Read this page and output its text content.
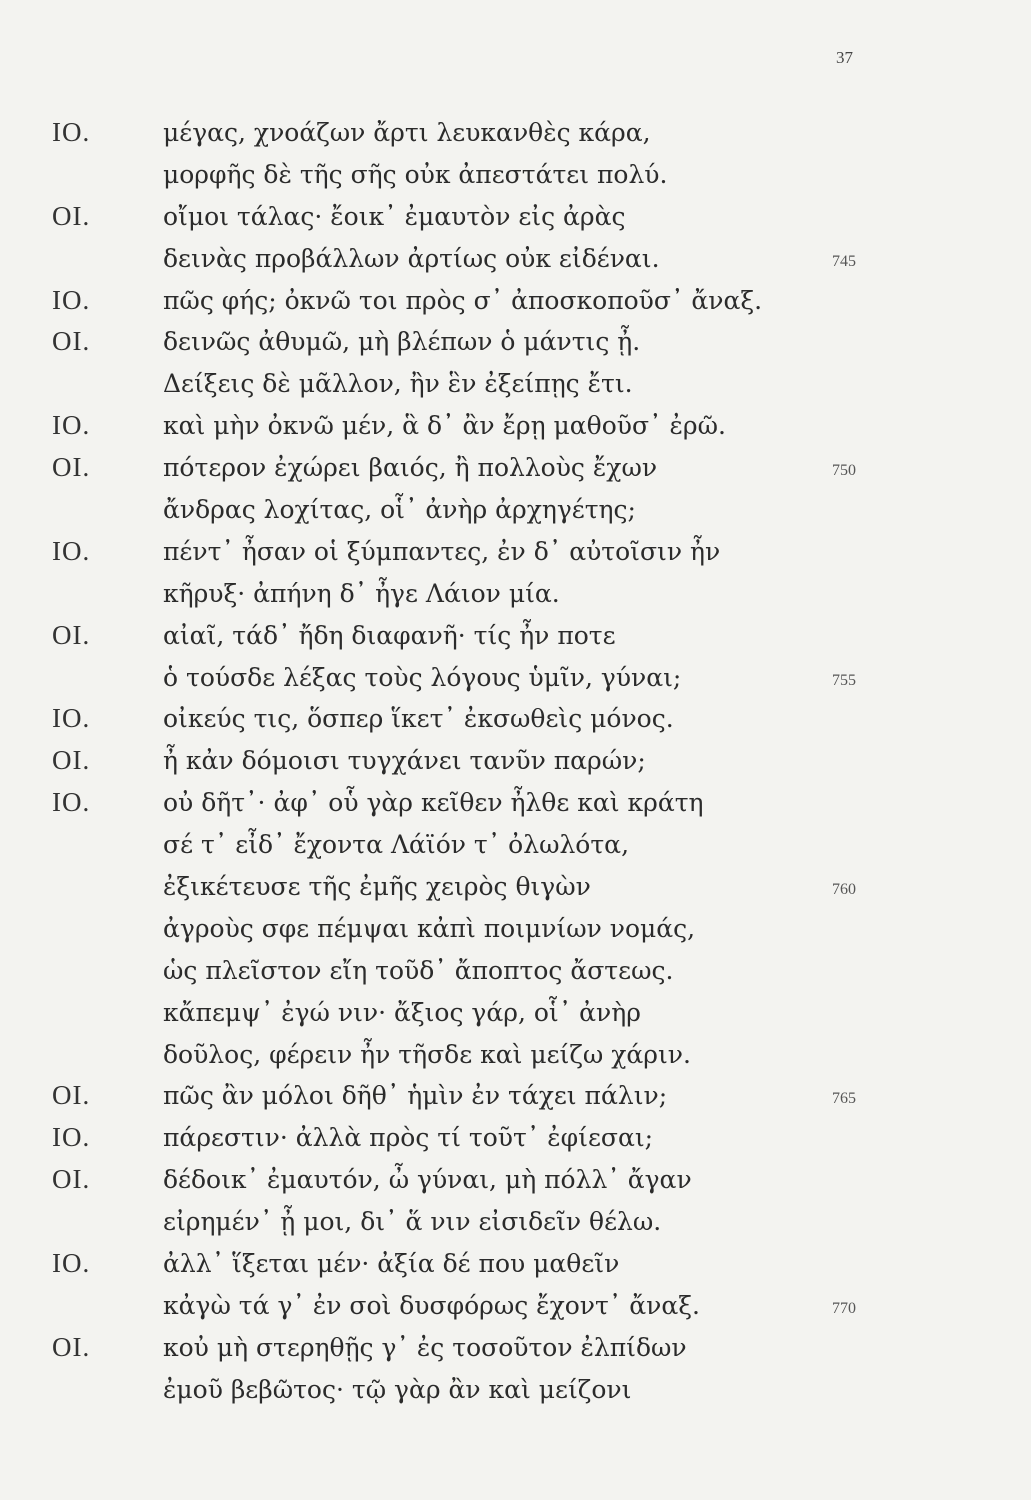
37
IO.	μέγας, χνοάζων ἄρτι λευκανθὲς κάρα,
μορφῆς δὲ τῆς σῆς οὐκ ἀπεστάτει πολύ.
OI.	οἴμοι τάλας· ἔοικ᾽ ἐμαυτὸν εἰς ἀρὰς
δεινὰς προβάλλων ἀρτίως οὐκ εἰδέναι.	745
IO.	πῶς φής; ὀκνῶ τοι πρὸς σ᾽ ἀποσκοποῦσ᾽ ἄναξ.
OI.	δεινῶς ἀθυμῶ, μὴ βλέπων ὁ μάντις ᾖ.
Δείξεις δὲ μᾶλλον, ἢν ἓν ἐξείπῃς ἔτι.
IO.	καὶ μὴν ὀκνῶ μέν, ἃ δ᾽ ἂν ἔρῃ μαθοῦσ᾽ ἐρῶ.
OI.	πότερον ἐχώρει βαιός, ἢ πολλοὺς ἔχων	750
ἄνδρας λοχίτας, οἷ᾽ ἀνὴρ ἀρχηγέτης;
IO.	πέντ᾽ ἦσαν οἱ ξύμπαντες, ἐν δ᾽ αὐτοῖσιν ἦν
κῆρυξ· ἀπήνη δ᾽ ἦγε Λάιον μία.
OI.	αἰαῖ, τάδ᾽ ἤδη διαφανῆ· τίς ἦν ποτε
ὁ τούσδε λέξας τοὺς λόγους ὑμῖν, γύναι;	755
IO.	οἰκεύς τις, ὅσπερ ἵκετ᾽ ἐκσωθεὶς μόνος.
OI.	ἦ κἀν δόμοισι τυγχάνει τανῦν παρών;
IO.	οὐ δῆτ᾽· ἀφ᾽ οὗ γὰρ κεῖθεν ἦλθε καὶ κράτη
σέ τ᾽ εἶδ᾽ ἔχοντα Λάϊόν τ᾽ ὀλωλότα,
ἐξικέτευσε τῆς ἐμῆς χειρὸς θιγὼν	760
ἀγροὺς σφε πέμψαι κἀπὶ ποιμνίων νομάς,
ὡς πλεῖστον εἴη τοῦδ᾽ ἄποπτος ἄστεως.
κἄπεμψ᾽ ἐγώ νιν· ἄξιος γάρ, οἷ᾽ ἀνὴρ
δοῦλος, φέρειν ἦν τῆσδε καὶ μείζω χάριν.
OI.	πῶς ἂν μόλοι δῆθ᾽ ἡμὶν ἐν τάχει πάλιν;	765
IO.	πάρεστιν· ἀλλὰ πρὸς τί τοῦτ᾽ ἐφίεσαι;
OI.	δέδοικ᾽ ἐμαυτόν, ὦ γύναι, μὴ πόλλ᾽ ἄγαν
εἰρημέν᾽ ᾖ μοι, δι᾽ ἅ νιν εἰσιδεῖν θέλω.
IO.	ἀλλ᾽ ἵξεται μέν· ἀξία δέ που μαθεῖν
κἀγὼ τά γ᾽ ἐν σοὶ δυσφόρως ἔχοντ᾽ ἄναξ.	770
OI.	κοὐ μὴ στερηθῇς γ᾽ ἐς τοσοῦτον ἐλπίδων
ἐμοῦ βεβῶτος· τῷ γὰρ ἂν καὶ μείζονι
